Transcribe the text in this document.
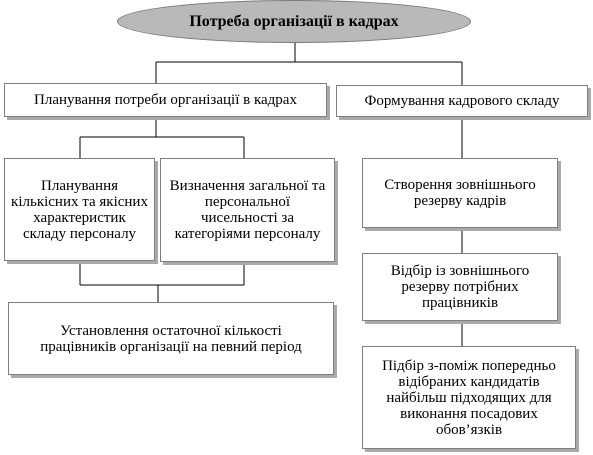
Потреба організації в кадрах
Планування потреби організації в кадрах	Формування кадрового складу
Планування кількісних та якісних характеристик складу персоналу
Визначення загальної та персональної чисельності за категоріями персоналу
Установлення остаточної кількості працівників організації на певний період
Створення зовнішнього резерву кадрів
Відбір із зовнішнього резерву потрібних працівників
Підбір з-поміж попередньо відібраних кандидатів найбільш підходящих для виконання посадових обов’язків
